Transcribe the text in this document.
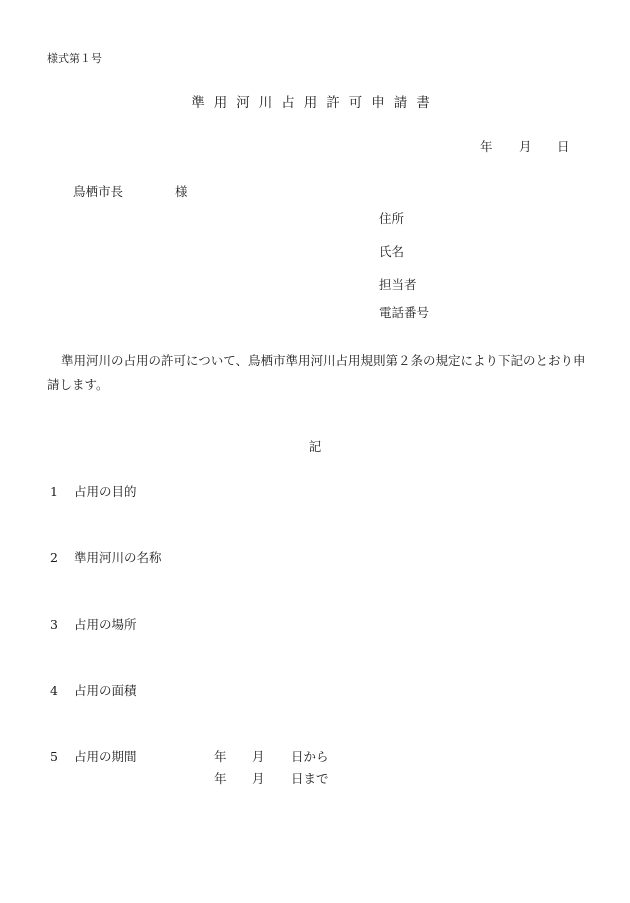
様式第１号
準用河川占用許可申請書
年 月 日
鳥栖市長	様
住所
氏名
担当者
電話番号
準用河川の占用の許可について、鳥栖市準用河川占用規則第２条の規定により下記のとおり申請します。
記
1 占用の目的
2 準用河川の名称
3 占用の場所
4 占用の面積
5 占用の期間	年 月 日から
年 月 日まで
